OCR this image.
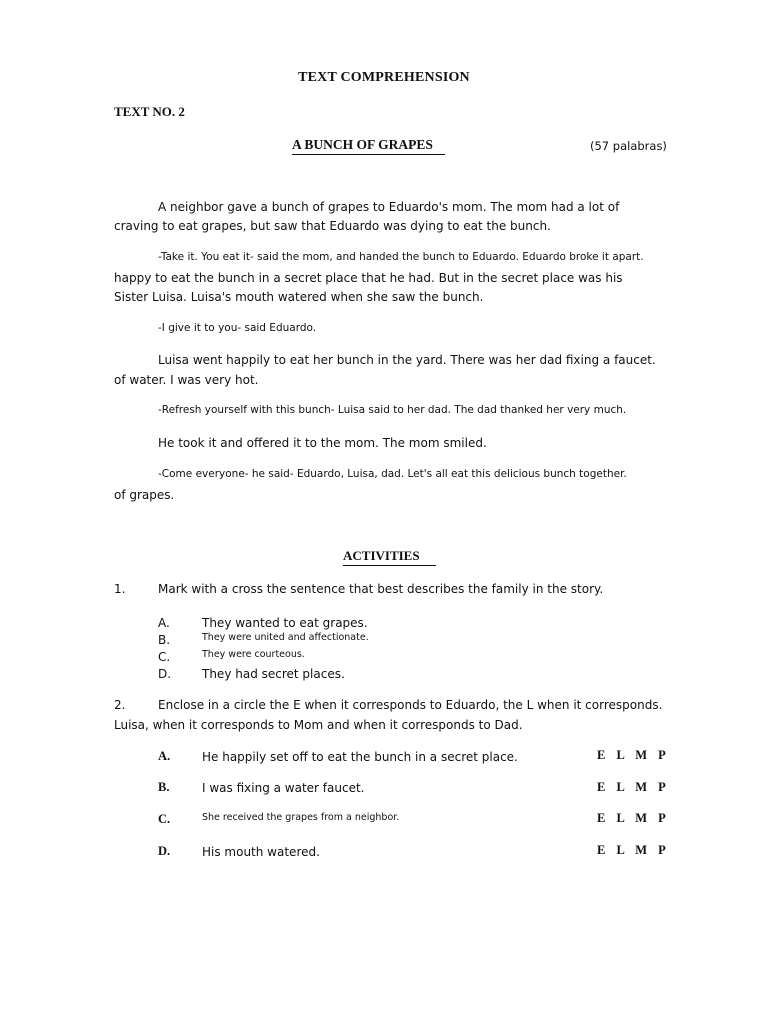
TEXT COMPREHENSION
TEXT NO. 2
A BUNCH OF GRAPES	(57 palabras)
A neighbor gave a bunch of grapes to Eduardo's mom. The mom had a lot of
craving to eat grapes, but saw that Eduardo was dying to eat the bunch.
-Take it. You eat it- said the mom, and handed the bunch to Eduardo. Eduardo broke it apart.
happy to eat the bunch in a secret place that he had. But in the secret place was his
Sister Luisa. Luisa's mouth watered when she saw the bunch.
-I give it to you- said Eduardo.
Luisa went happily to eat her bunch in the yard. There was her dad fixing a faucet.
of water. I was very hot.
-Refresh yourself with this bunch- Luisa said to her dad. The dad thanked her very much.
He took it and offered it to the mom. The mom smiled.
-Come everyone- he said- Eduardo, Luisa, dad. Let's all eat this delicious bunch together.
of grapes.
ACTIVITIES
1.	Mark with a cross the sentence that best describes the family in the story.
A.	They wanted to eat grapes.
B.	They were united and affectionate.
C.	They were courteous.
D.	They had secret places.
2.	Enclose in a circle the E when it corresponds to Eduardo, the L when it corresponds.
Luisa, when it corresponds to Mom and when it corresponds to Dad.
A.	He happily set off to eat the bunch in a secret place.	E L M P
B.	I was fixing a water faucet.	E L M P
C.	She received the grapes from a neighbor.	E L M P
D.	His mouth watered.	E L M P
